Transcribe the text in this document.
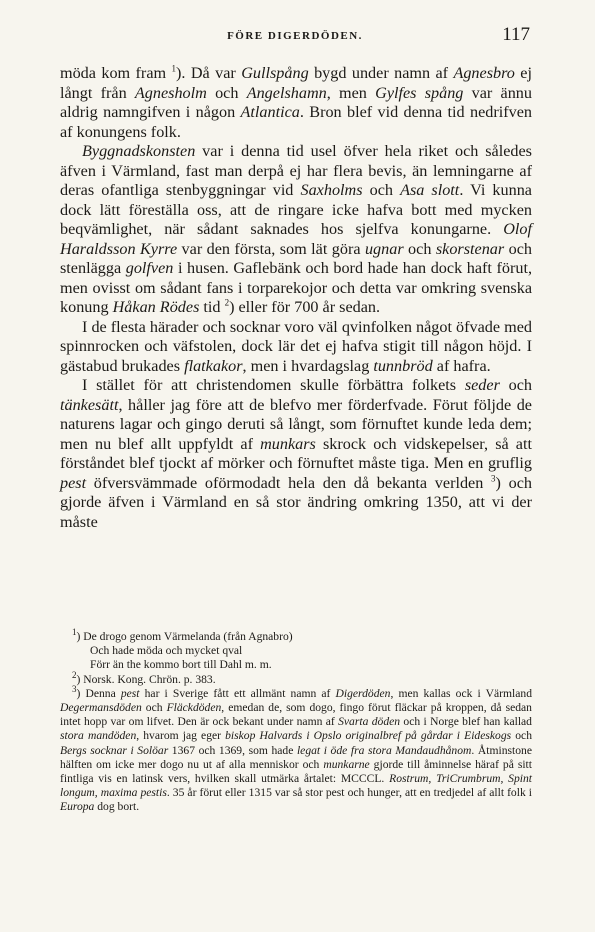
FÖRE DIGERDÖDEN.	117

möda kom fram $^1$). Då var Gullspång bygd under namn af Agnesbro ej långt från Agnesholm och Angelshamn, men Gylfes spång var ännu aldrig namngifven i någon Atlantica. Bron blef vid denna tid nedrifven af konungens folk.

Byggnadskonsten var i denna tid usel öfver hela riket och således äfven i Värmland, fast man derpå ej har flera bevis, än lemningarne af deras ofantliga stenbyggningar vid Saxholms och Asa slott. Vi kunna dock lätt föreställa oss, att de ringare icke hafva bott med mycken beqvämlighet, när sådant saknades hos sjelfva konungarne. Olof Haraldsson Kyrre var den första, som lät göra ugnar och skorstenar och stenlägga golfven i husen. Gaflebänk och bord hade han dock haft förut, men ovisst om sådant fans i torparekojor och detta var omkring svenska konung Håkan Rödes tid $^2$) eller för 700 år sedan.

I de flesta härader och socknar voro väl qvinfolken något öfvade med spinnrocken och väfstolen, dock lär det ej hafva stigit till någon höjd. I gästabud brukades flatkakor, men i hvardagslag tunnbröd af hafra.

I stället för att christendomen skulle förbättra folkets seder och tänkesätt, håller jag före att de blefvo mer förderfvade. Förut följde de naturens lagar och gingo deruti så långt, som förnuftet kunde leda dem; men nu blef allt uppfyldt af munkars skrock och vidskepelser, så att förståndet blef tjockt af mörker och förnuftet måste tiga. Men en gruflig pest öfversvämmade oförmodadt hela den då bekanta verlden $^3$) och gjorde äfven i Värmland en så stor ändring omkring 1350, att vi der måste

$^1$) De drogo genom Värmelanda (från Agnabro)

Och hade möda och mycket qval

Förr än the kommo bort till Dahl m. m.

$^2$) Norsk. Kong. Chrön. p. 383.

$^3$) Denna pest har i Sverige fått ett allmänt namn af Digerdöden, men kallas ock i Värmland Degermansdöden och Fläckdöden, emedan de, som dogo, fingo förut fläckar på kroppen, då sedan intet hopp var om lifvet. Den är ock bekant under namn af Svarta döden och i Norge blef han kallad stora mandöden, hvarom jag eger biskop Halvards i Opslo originalbref på gårdar i Eideskogs och Bergs socknar i Solöar 1367 och 1369, som hade legat i öde fra stora Mandaudhånom. Åtminstone hälften om icke mer dogo nu ut af alla menniskor och munkarne gjorde till åminnelse häraf på sitt fintliga vis en latinsk vers, hvilken skall utmärka årtalet: MCCCL. Rostrum, TriCrumbrum, Spint longum, maxima pestis. 35 år förut eller 1315 var så stor pest och hunger, att en tredjedel af allt folk i Europa dog bort.
